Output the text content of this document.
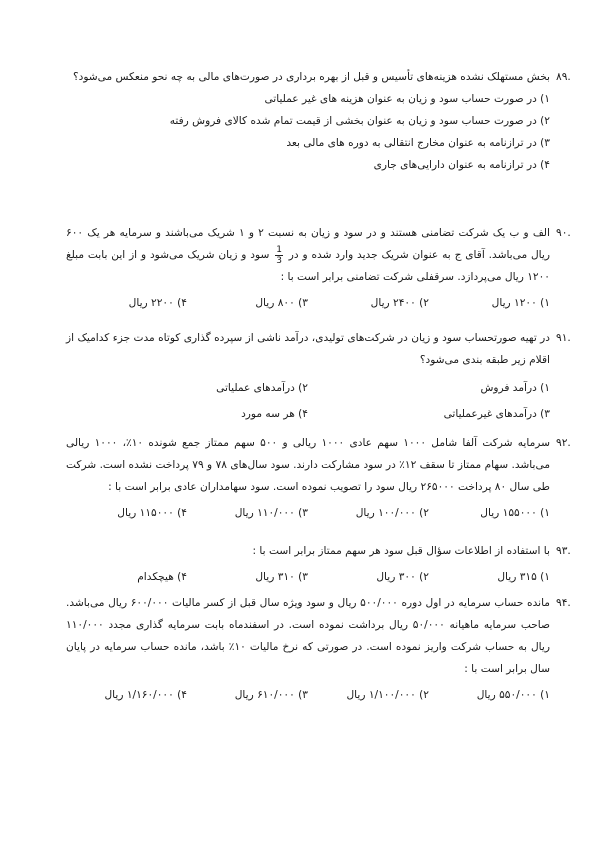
۸۹.

بخش مستهلک نشده هزینه‌های تأسیس و قبل از بهره برداری در صورت‌های مالی به چه نحو منعکس می‌شود؟

۱) در صورت حساب سود و زیان به عنوان هزینه های غیر عملیاتی

۲) در صورت حساب سود و زیان به عنوان بخشی از قیمت تمام شده کالای فروش رفته

۳) در ترازنامه به عنوان مخارج انتقالی به دوره های مالی بعد

۴) در ترازنامه به عنوان دارایی‌های جاری

۹۰.

الف و ب یک شرکت تضامنی هستند و در سود و زیان به نسبت ۲ و ۱ شریک می‌باشند و سرمایه هر یک ۶۰۰ ریال می‌باشد. آقای ج به عنوان شریک جدید وارد شده و در
$\frac{1}{3}$
سود و زیان شریک می‌شود و از این بابت مبلغ ۱۲۰۰ ریال می‌پردازد. سرقفلی شرکت تضامنی برابر است با :

۱) ۱۲۰۰ ریال
۲) ۲۴۰۰ ریال
۳) ۸۰۰ ریال
۴) ۲۲۰۰ ریال
۹۱.

در تهیه صورتحساب سود و زیان در شرکت‌های تولیدی، درآمد ناشی از سپرده گذاری کوتاه مدت جزء کدامیک از اقلام زیر طبقه بندی می‌شود؟

۱) درآمد فروش
۲) درآمدهای عملیاتی
۳) درآمدهای غیرعملیاتی
۴) هر سه مورد
۹۲.

سرمایه شرکت آلفا شامل ۱۰۰۰ سهم عادی ۱۰۰۰ ریالی و ۵۰۰ سهم ممتاز جمع شونده ۱۰٪، ۱۰۰۰ ریالی می‌باشد. سهام ممتاز تا سقف ۱۲٪ در سود مشارکت دارند. سود سال‌های ۷۸ و ۷۹ پرداخت نشده است. شرکت طی سال ۸۰ پرداخت ۲۶۵۰۰۰ ریال سود را تصویب نموده است. سود سهامداران عادی برابر است با :

۱) ۱۵۵۰۰۰ ریال
۲) ۱۰۰/۰۰۰ ریال
۳) ۱۱۰/۰۰۰ ریال
۴) ۱۱۵۰۰۰ ریال
۹۳.

با استفاده از اطلاعات سؤال قبل سود هر سهم ممتاز برابر است با :

۱) ۳۱۵ ریال
۲) ۳۰۰ ریال
۳) ۳۱۰ ریال
۴) هیچکدام
۹۴.

مانده حساب سرمایه در اول دوره ۵۰۰/۰۰۰ ریال و سود ویژه سال قبل از کسر مالیات ۶۰۰/۰۰۰ ریال می‌باشد. صاحب سرمایه ماهیانه ۵۰/۰۰۰ ریال برداشت نموده است. در اسفندماه بابت سرمایه گذاری مجدد ۱۱۰/۰۰۰ ریال به حساب شرکت واریز نموده است. در صورتی که نرخ مالیات ۱۰٪ باشد، مانده حساب سرمایه در پایان سال برابر است با :

۱) ۵۵۰/۰۰۰ ریال
۲) ۱/۱۰۰/۰۰۰ ریال
۳) ۶۱۰/۰۰۰ ریال
۴) ۱/۱۶۰/۰۰۰ ریال
